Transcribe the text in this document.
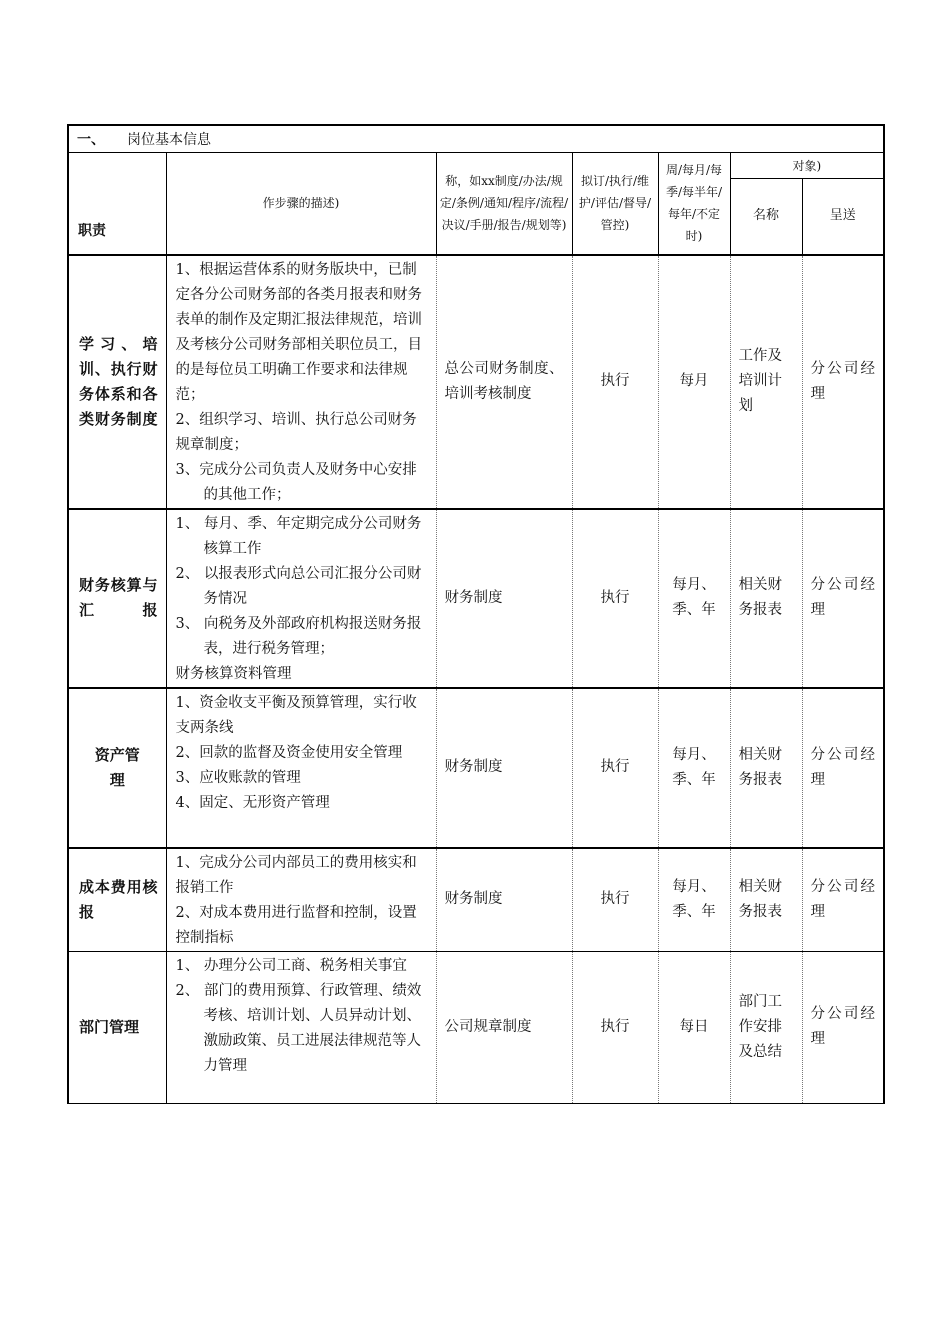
一、 岗位基本信息						
职责	作步骤的描述)	称，如xx制度/办法/规定/条例/通知/程序/流程/决议/手册/报告/规划等)	拟订/执行/维护/评估/督导/管控)	周/每月/每季/每半年/每年/不定时)	对象)	
					名称	呈送
学习、培训、执行财务体系和各类财务制度	1、根据运营体系的财务版块中，已制定各分公司财务部的各类月报表和财务表单的制作及定期汇报法律规范，培训及考核分公司财务部相关职位员工，目的是每位员工明确工作要求和法律规范；

2、组织学习、培训、执行总公司财务规章制度；

3、完成分公司负责人及财务中心安排的其他工作；	总公司财务制度、培训考核制度	执行	每月	工作及培训计划	分公司经理
财务核算与汇报	1、 每月、季、年定期完成分公司财务核算工作

2、 以报表形式向总公司汇报分公司财务情况

3、 向税务及外部政府机构报送财务报表，进行税务管理；

财务核算资料管理	财务制度	执行	每月、季、年	相关财务报表	分公司经理
资产管理	1、资金收支平衡及预算管理，实行收支两条线

2、回款的监督及资金使用安全管理

3、应收账款的管理

4、固定、无形资产管理	财务制度	执行	每月、季、年	相关财务报表	分公司经理
成本费用核报	1、完成分公司内部员工的费用核实和报销工作

2、对成本费用进行监督和控制，设置控制指标	财务制度	执行	每月、季、年	相关财务报表	分公司经理
部门管理	1、 办理分公司工商、税务相关事宜

2、 部门的费用预算、行政管理、绩效考核、培训计划、人员异动计划、激励政策、员工进展法律规范等人力管理	公司规章制度	执行	每日	部门工作安排及总结	分公司经理
